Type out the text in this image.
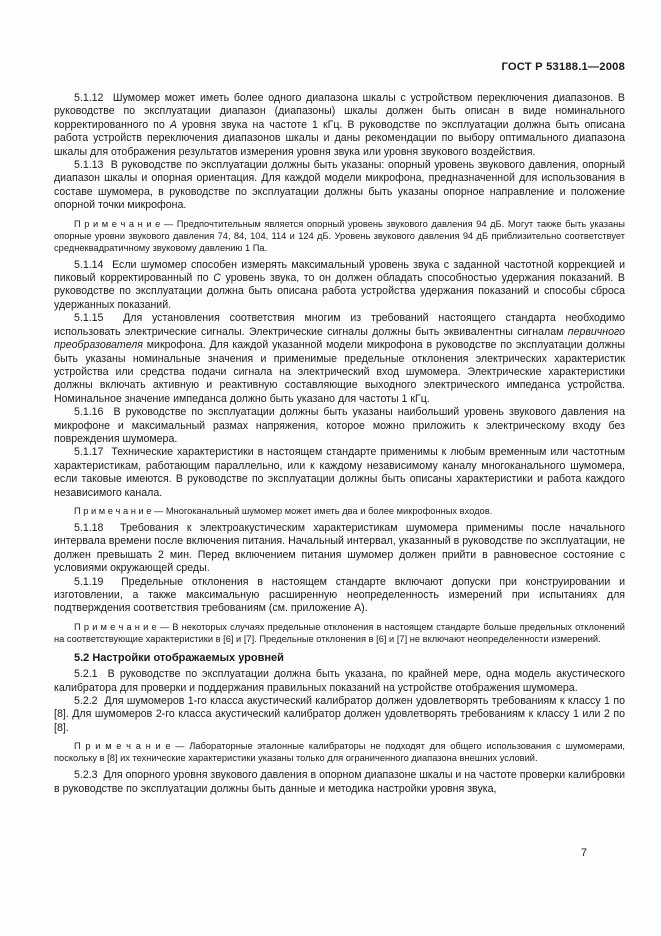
ГОСТ Р 53188.1—2008

5.1.12  Шумомер может иметь более одного диапазона шкалы с устройством переключения диапазонов. В руководстве по эксплуатации диапазон (диапазоны) шкалы должен быть описан в виде номинального корректированного по A уровня звука на частоте 1 кГц. В руководстве по эксплуатации должна быть описана работа устройств переключения диапазонов шкалы и даны рекомендации по выбору оптимального диапазона шкалы для отображения результатов измерения уровня звука или уровня звукового воздействия.

5.1.13  В руководстве по эксплуатации должны быть указаны: опорный уровень звукового давления, опорный диапазон шкалы и опорная ориентация. Для каждой модели микрофона, предназначенной для использования в составе шумомера, в руководстве по эксплуатации должны быть указаны опорное направление и положение опорной точки микрофона.

П р и м е ч а н и е — Предпочтительным является опорный уровень звукового давления 94 дБ. Могут также быть указаны опорные уровни звукового давления 74, 84, 104, 114 и 124 дБ. Уровень звукового давления 94 дБ приблизительно соответствует среднеквадратичному звуковому давлению 1 Па.

5.1.14  Если шумомер способен измерять максимальный уровень звука с заданной частотной коррекцией и пиковый корректированный по C уровень звука, то он должен обладать способностью удержания показаний. В руководстве по эксплуатации должна быть описана работа устройства удержания показаний и способы сброса удержанных показаний.

5.1.15  Для установления соответствия многим из требований настоящего стандарта необходимо использовать электрические сигналы. Электрические сигналы должны быть эквивалентны сигналам первичного преобразователя микрофона. Для каждой указанной модели микрофона в руководстве по эксплуатации должны быть указаны номинальные значения и применимые предельные отклонения электрических характеристик устройства или средства подачи сигнала на электрический вход шумомера. Электрические характеристики должны включать активную и реактивную составляющие выходного электрического импеданса устройства. Номинальное значение импеданса должно быть указано для частоты 1 кГц.

5.1.16  В руководстве по эксплуатации должны быть указаны наибольший уровень звукового давления на микрофоне и максимальный размах напряжения, которое можно приложить к электрическому входу без повреждения шумомера.

5.1.17  Технические характеристики в настоящем стандарте применимы к любым временным или частотным характеристикам, работающим параллельно, или к каждому независимому каналу многоканального шумомера, если таковые имеются. В руководстве по эксплуатации должны быть описаны характеристики и работа каждого независимого канала.

П р и м е ч а н и е — Многоканальный шумомер может иметь два и более микрофонных входов.

5.1.18  Требования к электроакустическим характеристикам шумомера применимы после начального интервала времени после включения питания. Начальный интервал, указанный в руководстве по эксплуатации, не должен превышать 2 мин. Перед включением питания шумомер должен прийти в равновесное состояние с условиями окружающей среды.

5.1.19  Предельные отклонения в настоящем стандарте включают допуски при конструировании и изготовлении, а также максимальную расширенную неопределенность измерений при испытаниях для подтверждения соответствия требованиям (см. приложение А).

П р и м е ч а н и е — В некоторых случаях предельные отклонения в настоящем стандарте больше предельных отклонений на соответствующие характеристики в [6] и [7]. Предельные отклонения в [6] и [7] не включают неопределенности измерений.

5.2 Настройки отображаемых уровней

5.2.1  В руководстве по эксплуатации должна быть указана, по крайней мере, одна модель акустического калибратора для проверки и поддержания правильных показаний на устройстве отображения шумомера.

5.2.2  Для шумомеров 1-го класса акустический калибратор должен удовлетворять требованиям к классу 1 по [8]. Для шумомеров 2-го класса акустический калибратор должен удовлетворять требованиям к классу 1 или 2 по [8].

П р и м е ч а н и е — Лабораторные эталонные калибраторы не подходят для общего использования с шумомерами, поскольку в [8] их технические характеристики указаны только для ограниченного диапазона внешних условий.

5.2.3  Для опорного уровня звукового давления в опорном диапазоне шкалы и на частоте проверки калибровки в руководстве по эксплуатации должны быть данные и методика настройки уровня звука,

7
